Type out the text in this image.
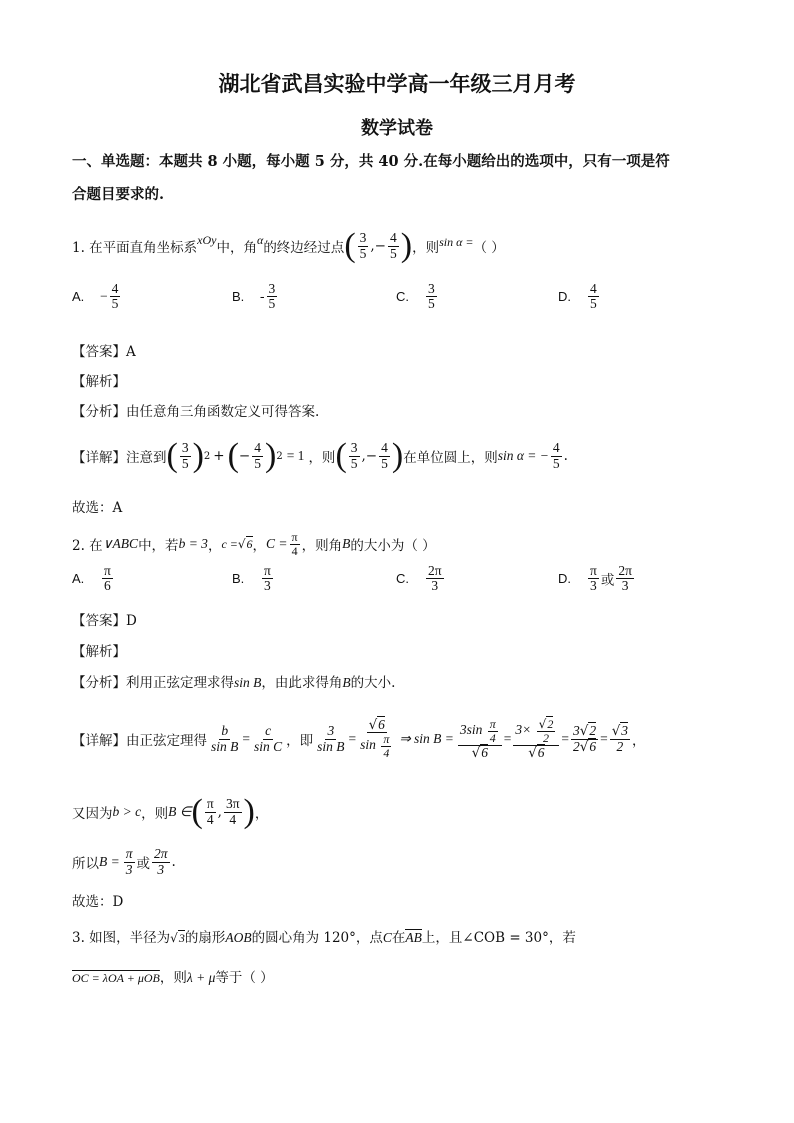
湖北省武昌实验中学高一年级三月月考
数学试卷
一、单选题：本题共 8 小题，每小题 5 分，共 40 分.在每小题给出的选项中，只有一项是符
合题目要求的.
1. 在平面直角坐标系
xOy
中，角
α
的终边经过点 ( $\frac{3}{5}$ ,− $\frac{4}{5}$ ) ，则 sin α = （ ）
A. − $\frac{4}{5}$	B. - $\frac{3}{5}$	C. $\frac{3}{5}$	D. $\frac{4}{5}$
【答案】A
【解析】
【分析】由任意角三角函数定义可得答案.
【详解】注意到 ( $\frac{3}{5}$ ) 2 + ( − $\frac{4}{5}$ ) 2 = 1 ，则 ( $\frac{3}{5}$ ,− $\frac{4}{5}$ ) 在单位圆上，则 sin α = − $\frac{4}{5}$ .
故选：A
2. 在 ∨ABC 中，若 b = 3 ， c = √ 6 ， $C = \frac{\pi}{4}$ ，则角 B 的大小为（ ）
A. $\frac{\pi}{6}$	B. $\frac{\pi}{3}$	C. $\frac{2\pi}{3}$	D. $\frac{\pi}{3}$ 或 $\frac{2\pi}{3}$
【答案】D
【解析】
【分析】利用正弦定理求得sin B，由此求得角B的大小.
【详解】由正弦定理得 $\frac{b}{\text{sin B}} = \frac{c}{\text{sin C}}$ ，即 $\frac{3}{\text{sin B}} = \frac{√6}{\sin \frac{\pi}{4}}$ ⇒ $\sin B = \frac{3\sin \frac{\pi}{4}}{√6} = \frac{3\times \frac{√2}{2}}{√6} = \frac{3√2}{2√6} = \frac{√3}{2}$ ，
又因为 b > c ，则 B ∈ ( $\frac{\pi}{4}$ , $\frac{3\pi}{4}$ ) ，
所以 $B = \frac{\pi}{3}$ 或 $\frac{2\pi}{3}$ .
故选：D
3. 如图，半径为√3的扇形AOB的圆心角为 120°，点C在AB上，且∠COB = 30°，若
OC = λOA + μOB，则λ + μ等于（ ）
